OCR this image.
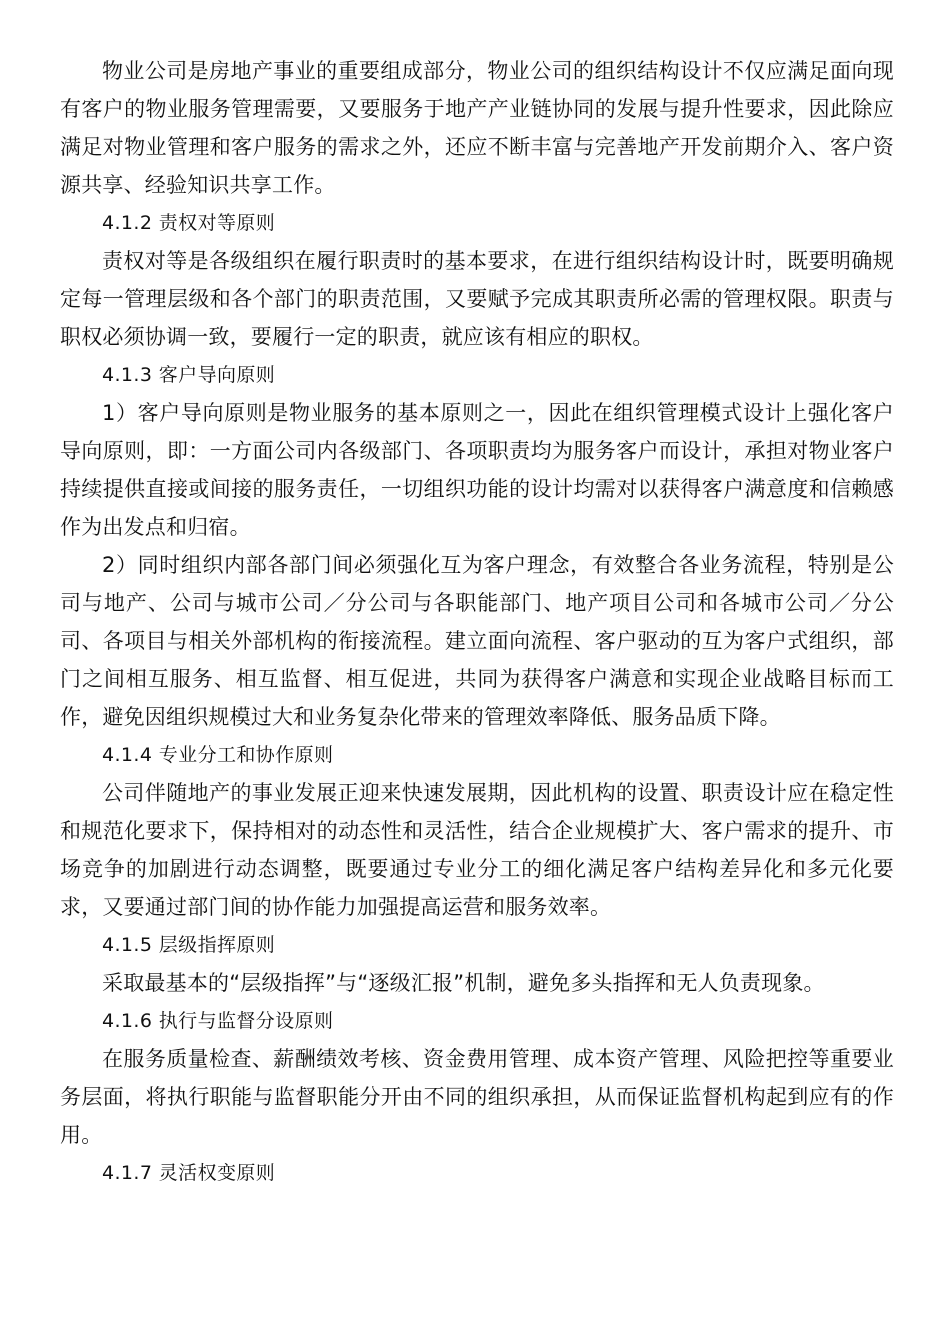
物业公司是房地产事业的重要组成部分，物业公司的组织结构设计不仅应满足面向现有客户的物业服务管理需要，又要服务于地产产业链协同的发展与提升性要求，因此除应满足对物业管理和客户服务的需求之外，还应不断丰富与完善地产开发前期介入、客户资源共享、经验知识共享工作。

4.1.2 责权对等原则

责权对等是各级组织在履行职责时的基本要求，在进行组织结构设计时，既要明确规定每一管理层级和各个部门的职责范围，又要赋予完成其职责所必需的管理权限。职责与职权必须协调一致，要履行一定的职责，就应该有相应的职权。

4.1.3 客户导向原则

1）客户导向原则是物业服务的基本原则之一，因此在组织管理模式设计上强化客户导向原则，即：一方面公司内各级部门、各项职责均为服务客户而设计，承担对物业客户持续提供直接或间接的服务责任，一切组织功能的设计均需对以获得客户满意度和信赖感作为出发点和归宿。

2）同时组织内部各部门间必须强化互为客户理念，有效整合各业务流程，特别是公司与地产、公司与城市公司／分公司与各职能部门、地产项目公司和各城市公司／分公司、各项目与相关外部机构的衔接流程。建立面向流程、客户驱动的互为客户式组织，部门之间相互服务、相互监督、相互促进，共同为获得客户满意和实现企业战略目标而工作，避免因组织规模过大和业务复杂化带来的管理效率降低、服务品质下降。

4.1.4 专业分工和协作原则

公司伴随地产的事业发展正迎来快速发展期，因此机构的设置、职责设计应在稳定性和规范化要求下，保持相对的动态性和灵活性，结合企业规模扩大、客户需求的提升、市场竞争的加剧进行动态调整，既要通过专业分工的细化满足客户结构差异化和多元化要求，又要通过部门间的协作能力加强提高运营和服务效率。

4.1.5 层级指挥原则

采取最基本的“层级指挥”与“逐级汇报”机制，避免多头指挥和无人负责现象。

4.1.6 执行与监督分设原则

在服务质量检查、薪酬绩效考核、资金费用管理、成本资产管理、风险把控等重要业务层面，将执行职能与监督职能分开由不同的组织承担，从而保证监督机构起到应有的作用。

4.1.7 灵活权变原则
